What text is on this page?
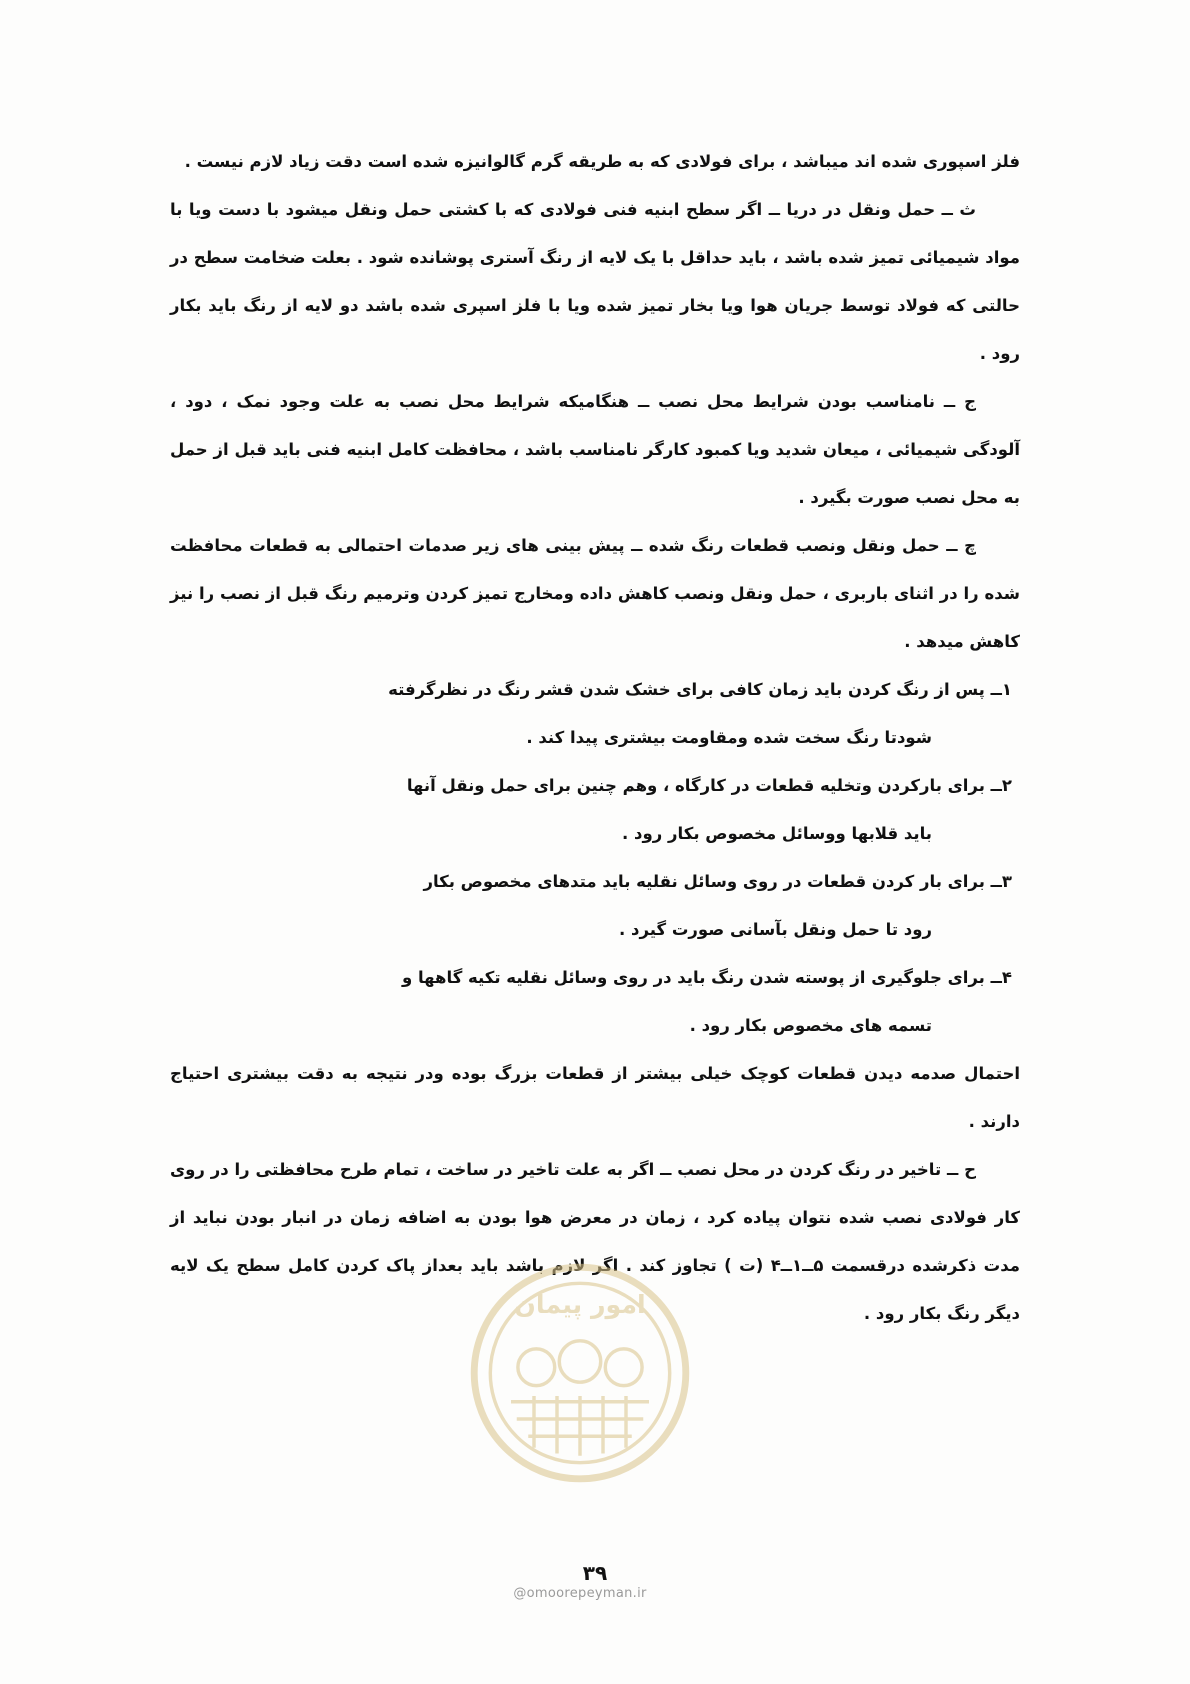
فلز اسپوری شده اند میباشد ، برای فولادی که به طریقه گرم گالوانیزه شده است دقت زیاد لازم نیست .

ث ــ حمل ونقل در دریا ــ اگر سطح ابنیه فنی فولادی که با کشتی حمل ونقل میشود با دست ویا با مواد شیمیائی تمیز شده باشد ، باید حداقل با یک لایه از رنگ آستری پوشانده شود . بعلت ضخامت سطح در حالتی که فولاد توسط جریان هوا ویا بخار تمیز شده ویا با فلز اسپری شده باشد دو لایه از رنگ باید بکار رود .

ج ــ نامناسب بودن شرایط محل نصب ــ هنگامیکه شرایط محل نصب به علت وجود نمک ، دود ، آلودگی شیمیائی ، میعان شدید ویا کمبود کارگر نامناسب باشد ، محافظت کامل ابنیه فنی باید قبل از حمل به محل نصب صورت بگیرد .

چ ــ حمل ونقل ونصب قطعات رنگ شده ــ پیش بینی های زیر صدمات احتمالی به قطعات محافظت شده را در اثنای باربری ، حمل ونقل ونصب کاهش داده ومخارج تمیز کردن وترمیم رنگ قبل از نصب را نیز کاهش میدهد .

۱ــ پس از رنگ کردن باید زمان کافی برای خشک شدن قشر رنگ در نظرگرفته
شودتا رنگ سخت شده ومقاومت بیشتری پیدا کند .
۲ــ برای بارکردن وتخلیه قطعات در کارگاه ، وهم چنین برای حمل ونقل آنها
باید قلابها ووسائل مخصوص بکار رود .
۳ــ برای بار کردن قطعات در روی وسائل نقلیه باید متدهای مخصوص بکار
رود تا حمل ونقل بآسانی صورت گیرد .
۴ــ برای جلوگیری از پوسته شدن رنگ باید در روی وسائل نقلیه تکیه گاهها و
تسمه های مخصوص بکار رود .

احتمال صدمه دیدن قطعات کوچک خیلی بیشتر از قطعات بزرگ بوده ودر نتیجه به دقت بیشتری احتیاج دارند .

ح ــ تاخیر در رنگ کردن در محل نصب ــ اگر به علت تاخیر در ساخت ، تمام طرح محافظتی را در روی کار فولادی نصب شده نتوان پیاده کرد ، زمان در معرض هوا بودن به اضافه زمان در انبار بودن نباید از مدت ذکرشده درقسمت ۵ــ۱ــ۴ (ت ) تجاوز کند . اگر لازم باشد باید بعداز پاک کردن کامل سطح یک لایه دیگر رنگ بکار رود .

امور پیمان
۳۹
@omoorepeyman.ir
